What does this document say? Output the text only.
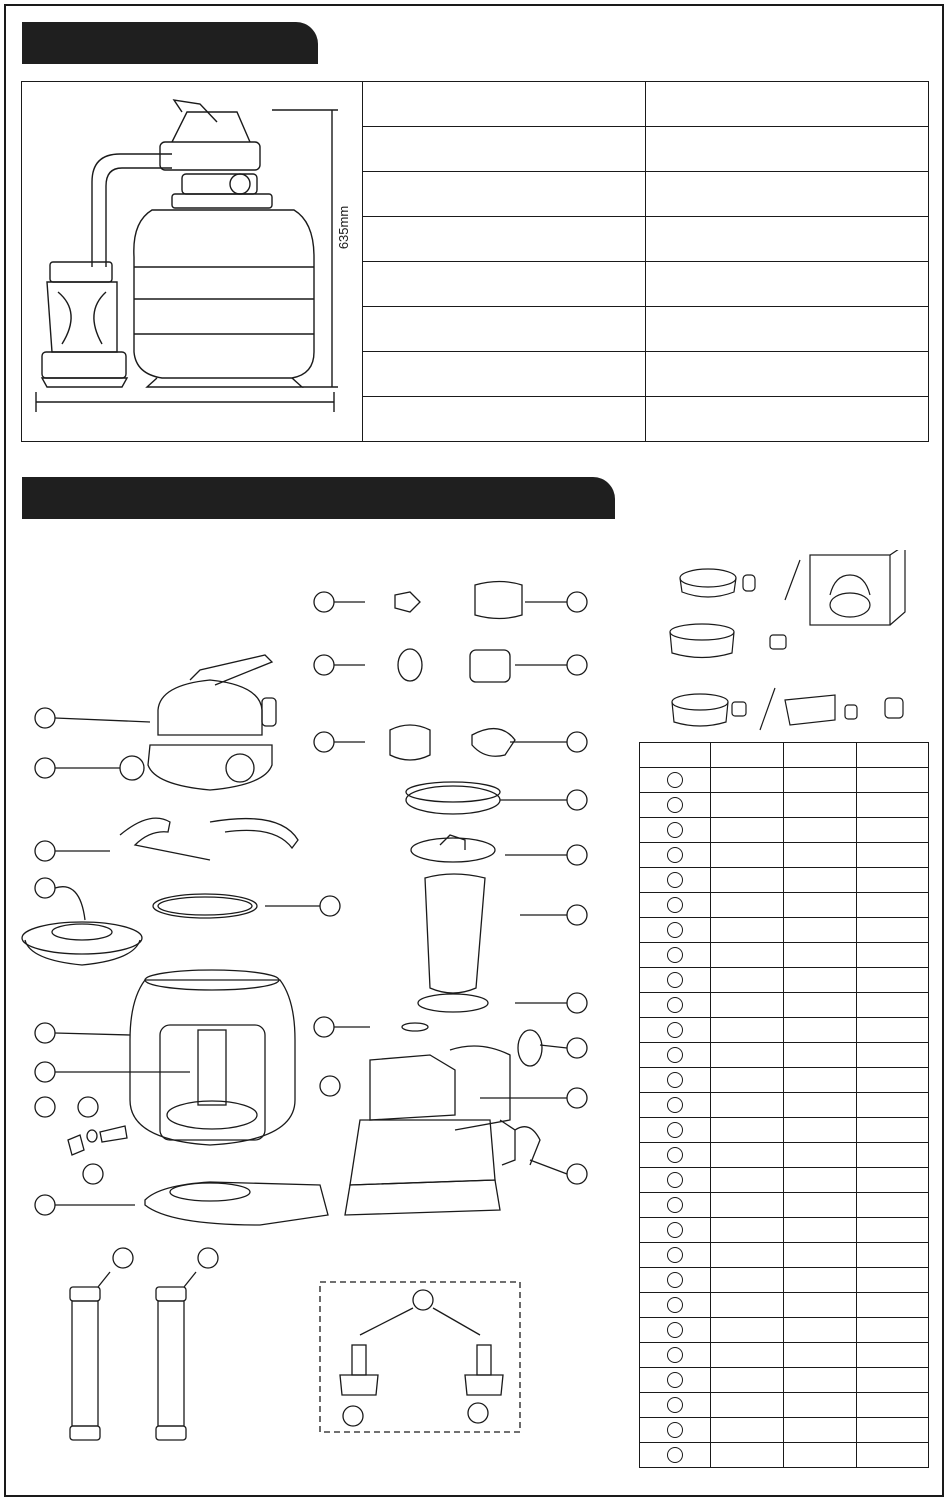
635mm
